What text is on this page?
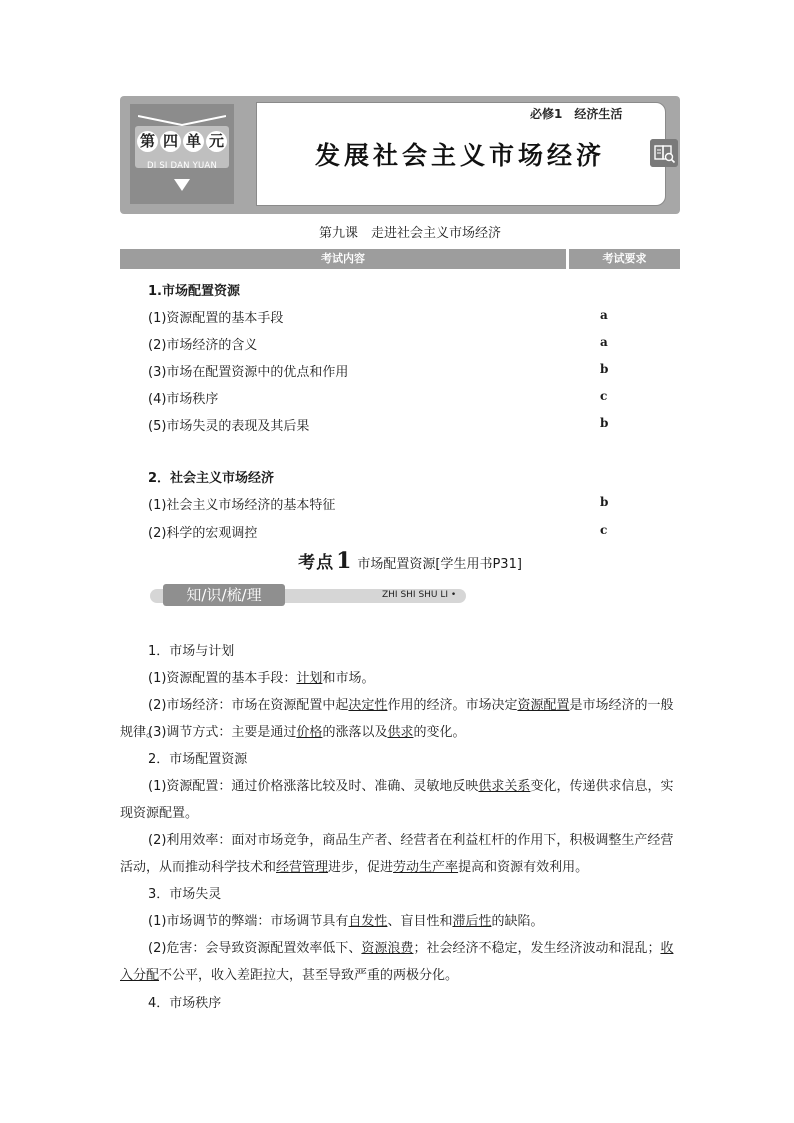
第 四 单 元
DI SI DAN YUAN
必修1　经济生活
发展社会主义市场经济
第九课　走进社会主义市场经济
考试内容	考试要求
1.市场配置资源
(1)资源配置的基本手段	a
(2)市场经济的含义	a
(3)市场在配置资源中的优点和作用	b
(4)市场秩序	c
(5)市场失灵的表现及其后果	b
2．社会主义市场经济
(1)社会主义市场经济的基本特征	b
(2)科学的宏观调控	c
考点1 市场配置资源[学生用书P31]
知/识/梳/理	ZHI SHI SHU LI •
1．市场与计划
(1)资源配置的基本手段：计划和市场。
(2)市场经济：市场在资源配置中起决定性作用的经济。市场决定资源配置是市场经济的一般规律。
(3)调节方式：主要是通过价格的涨落以及供求的变化。
2．市场配置资源
(1)资源配置：通过价格涨落比较及时、准确、灵敏地反映供求关系变化，传递供求信息，实现资源配置。
(2)利用效率：面对市场竞争，商品生产者、经营者在利益杠杆的作用下，积极调整生产经营活动，从而推动科学技术和经营管理进步，促进劳动生产率提高和资源有效利用。
3．市场失灵
(1)市场调节的弊端：市场调节具有自发性、盲目性和滞后性的缺陷。
(2)危害：会导致资源配置效率低下、资源浪费；社会经济不稳定，发生经济波动和混乱；收入分配不公平，收入差距拉大，甚至导致严重的两极分化。
4．市场秩序
